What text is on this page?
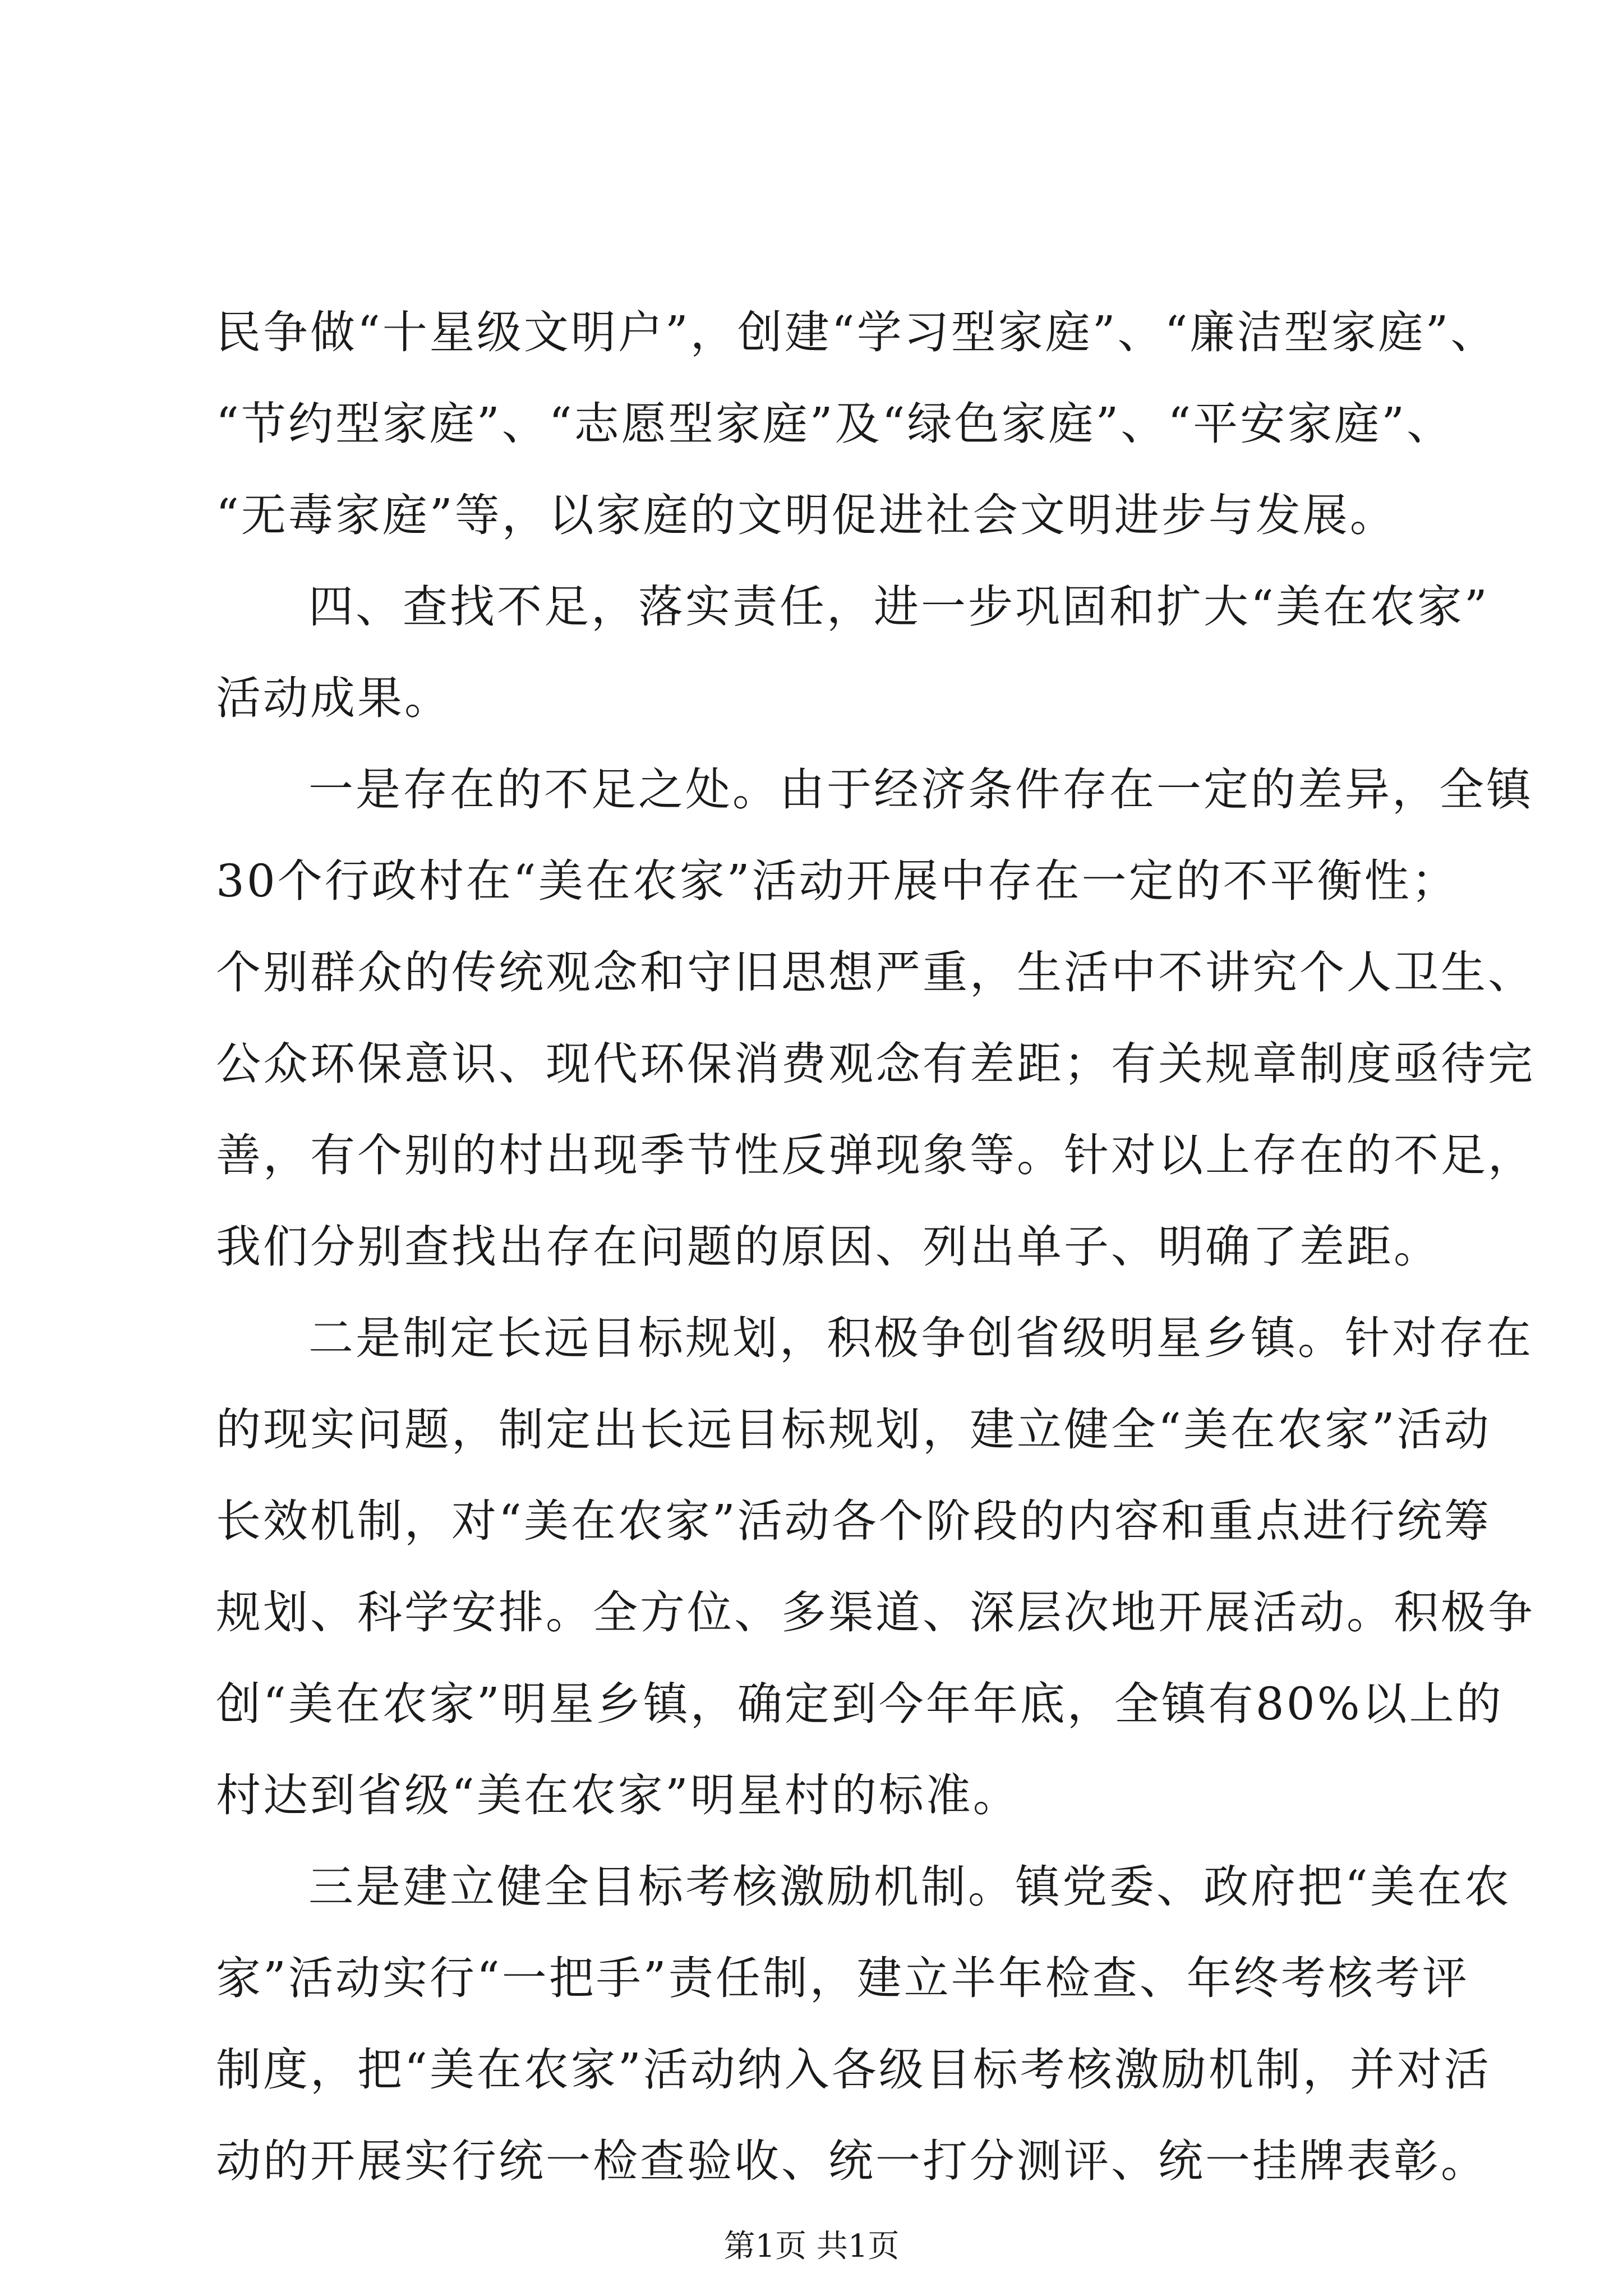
民争做“十星级文明户”，创建“学习型家庭”、“廉洁型家庭”、
“节约型家庭”、“志愿型家庭”及“绿色家庭”、“平安家庭”、
“无毒家庭”等，以家庭的文明促进社会文明进步与发展。
四、查找不足，落实责任，进一步巩固和扩大“美在农家”
活动成果。
一是存在的不足之处。由于经济条件存在一定的差异，全镇
30个行政村在“美在农家”活动开展中存在一定的不平衡性；
个别群众的传统观念和守旧思想严重，生活中不讲究个人卫生、
公众环保意识、现代环保消费观念有差距；有关规章制度亟待完
善，有个别的村出现季节性反弹现象等。针对以上存在的不足，
我们分别查找出存在问题的原因、列出单子、明确了差距。
二是制定长远目标规划，积极争创省级明星乡镇。针对存在
的现实问题，制定出长远目标规划，建立健全“美在农家”活动
长效机制，对“美在农家”活动各个阶段的内容和重点进行统筹
规划、科学安排。全方位、多渠道、深层次地开展活动。积极争
创“美在农家”明星乡镇，确定到今年年底，全镇有80%以上的
村达到省级“美在农家”明星村的标准。
三是建立健全目标考核激励机制。镇党委、政府把“美在农
家”活动实行“一把手”责任制，建立半年检查、年终考核考评
制度，把“美在农家”活动纳入各级目标考核激励机制，并对活
动的开展实行统一检查验收、统一打分测评、统一挂牌表彰。
第1页 共1页
